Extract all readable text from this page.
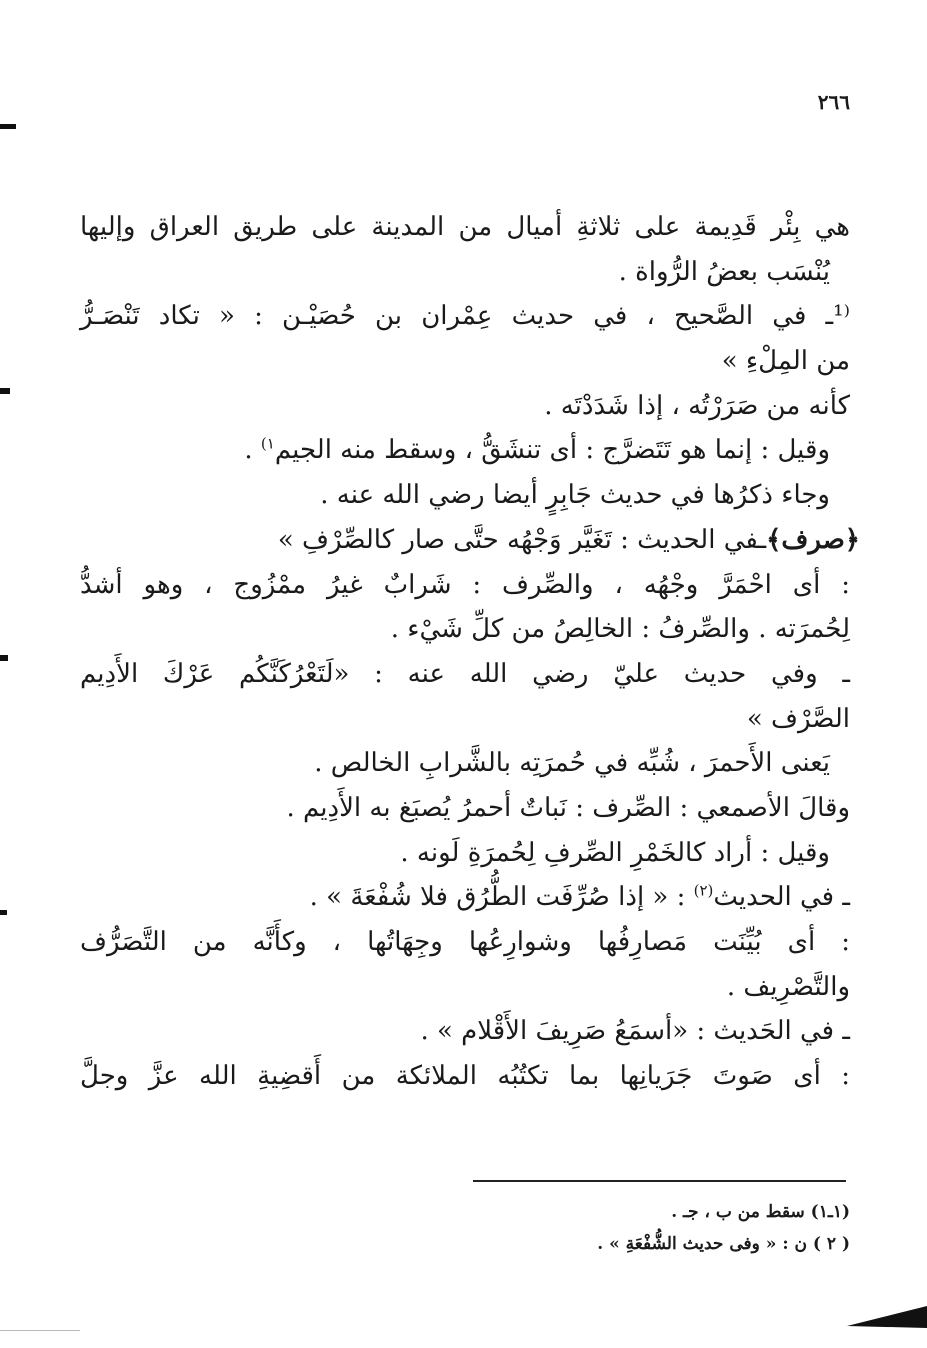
٢٦٦
هي بِئْر قَدِيمة على ثلاثةِ أميال من المدينة على طريق العراق وإليها
يُنْسَب بعضُ الرُّواة .
⁽¹ـ في الصَّحيح ، في حديث عِمْران بن حُصَيْـن : « تكاد تَنْصَـرُّ
من المِلْءِ »
كأنه من صَرَرْتُه ، إذا شَدَدْتَه .
وقيل : إنما هو تَتَضرَّج : أى تنشَقُّ ، وسقط منه الجيم$^{١)}$ .
وجاء ذكرُها في حديث جَابِرٍ أيضا رضي الله عنه .
﴿صرف﴾ـفي الحديث : تَغَيَّر وَجْهُه حتَّى صار كالصِّرْفِ »
: أى احْمَرَّ وجْهُه ، والصِّرف : شَرابٌ غيرُ ممْزُوج ، وهو أشدُّ
لِحُمرَته . والصِّرفُ : الخالِصُ من كلِّ شَيْء .
ـ وفي حديث عليّ رضي الله عنه : «لَتَعْرُكَنَّكُم عَرْكَ الأَدِيم
الصَّرْف »
يَعنى الأَحمرَ ، شُبِّه في حُمرَتِه بالشَّرابِ الخالص .
وقالَ الأصمعي : الصِّرف : نَباتٌ أحمرُ يُصبَغ به الأَدِيم .
وقيل : أراد كالخَمْرِ الصِّرفِ لِحُمرَةِ لَونه .
ـ في الحديث$^{(٢)}$ : « إذا صُرِّفَت الطُّرُق فلا شُفْعَةَ » .
: أى بُيِّنَت مَصارِفُها وشوارِعُها وجِهَاتُها ، وكأَنَّه من التَّصَرُّف
والتَّصْرِيف .
ـ في الحَديث : «أسمَعُ صَرِيفَ الأَقْلام » .
: أى صَوتَ جَرَيانِها بما تكتُبُه الملائكة من أَقضِيةِ الله عزَّ وجلَّ
(١ـ١) سقط من ب ، جـ .
( ٢ ) ن : « وفى حديث الشُّفْعَةِ » .
